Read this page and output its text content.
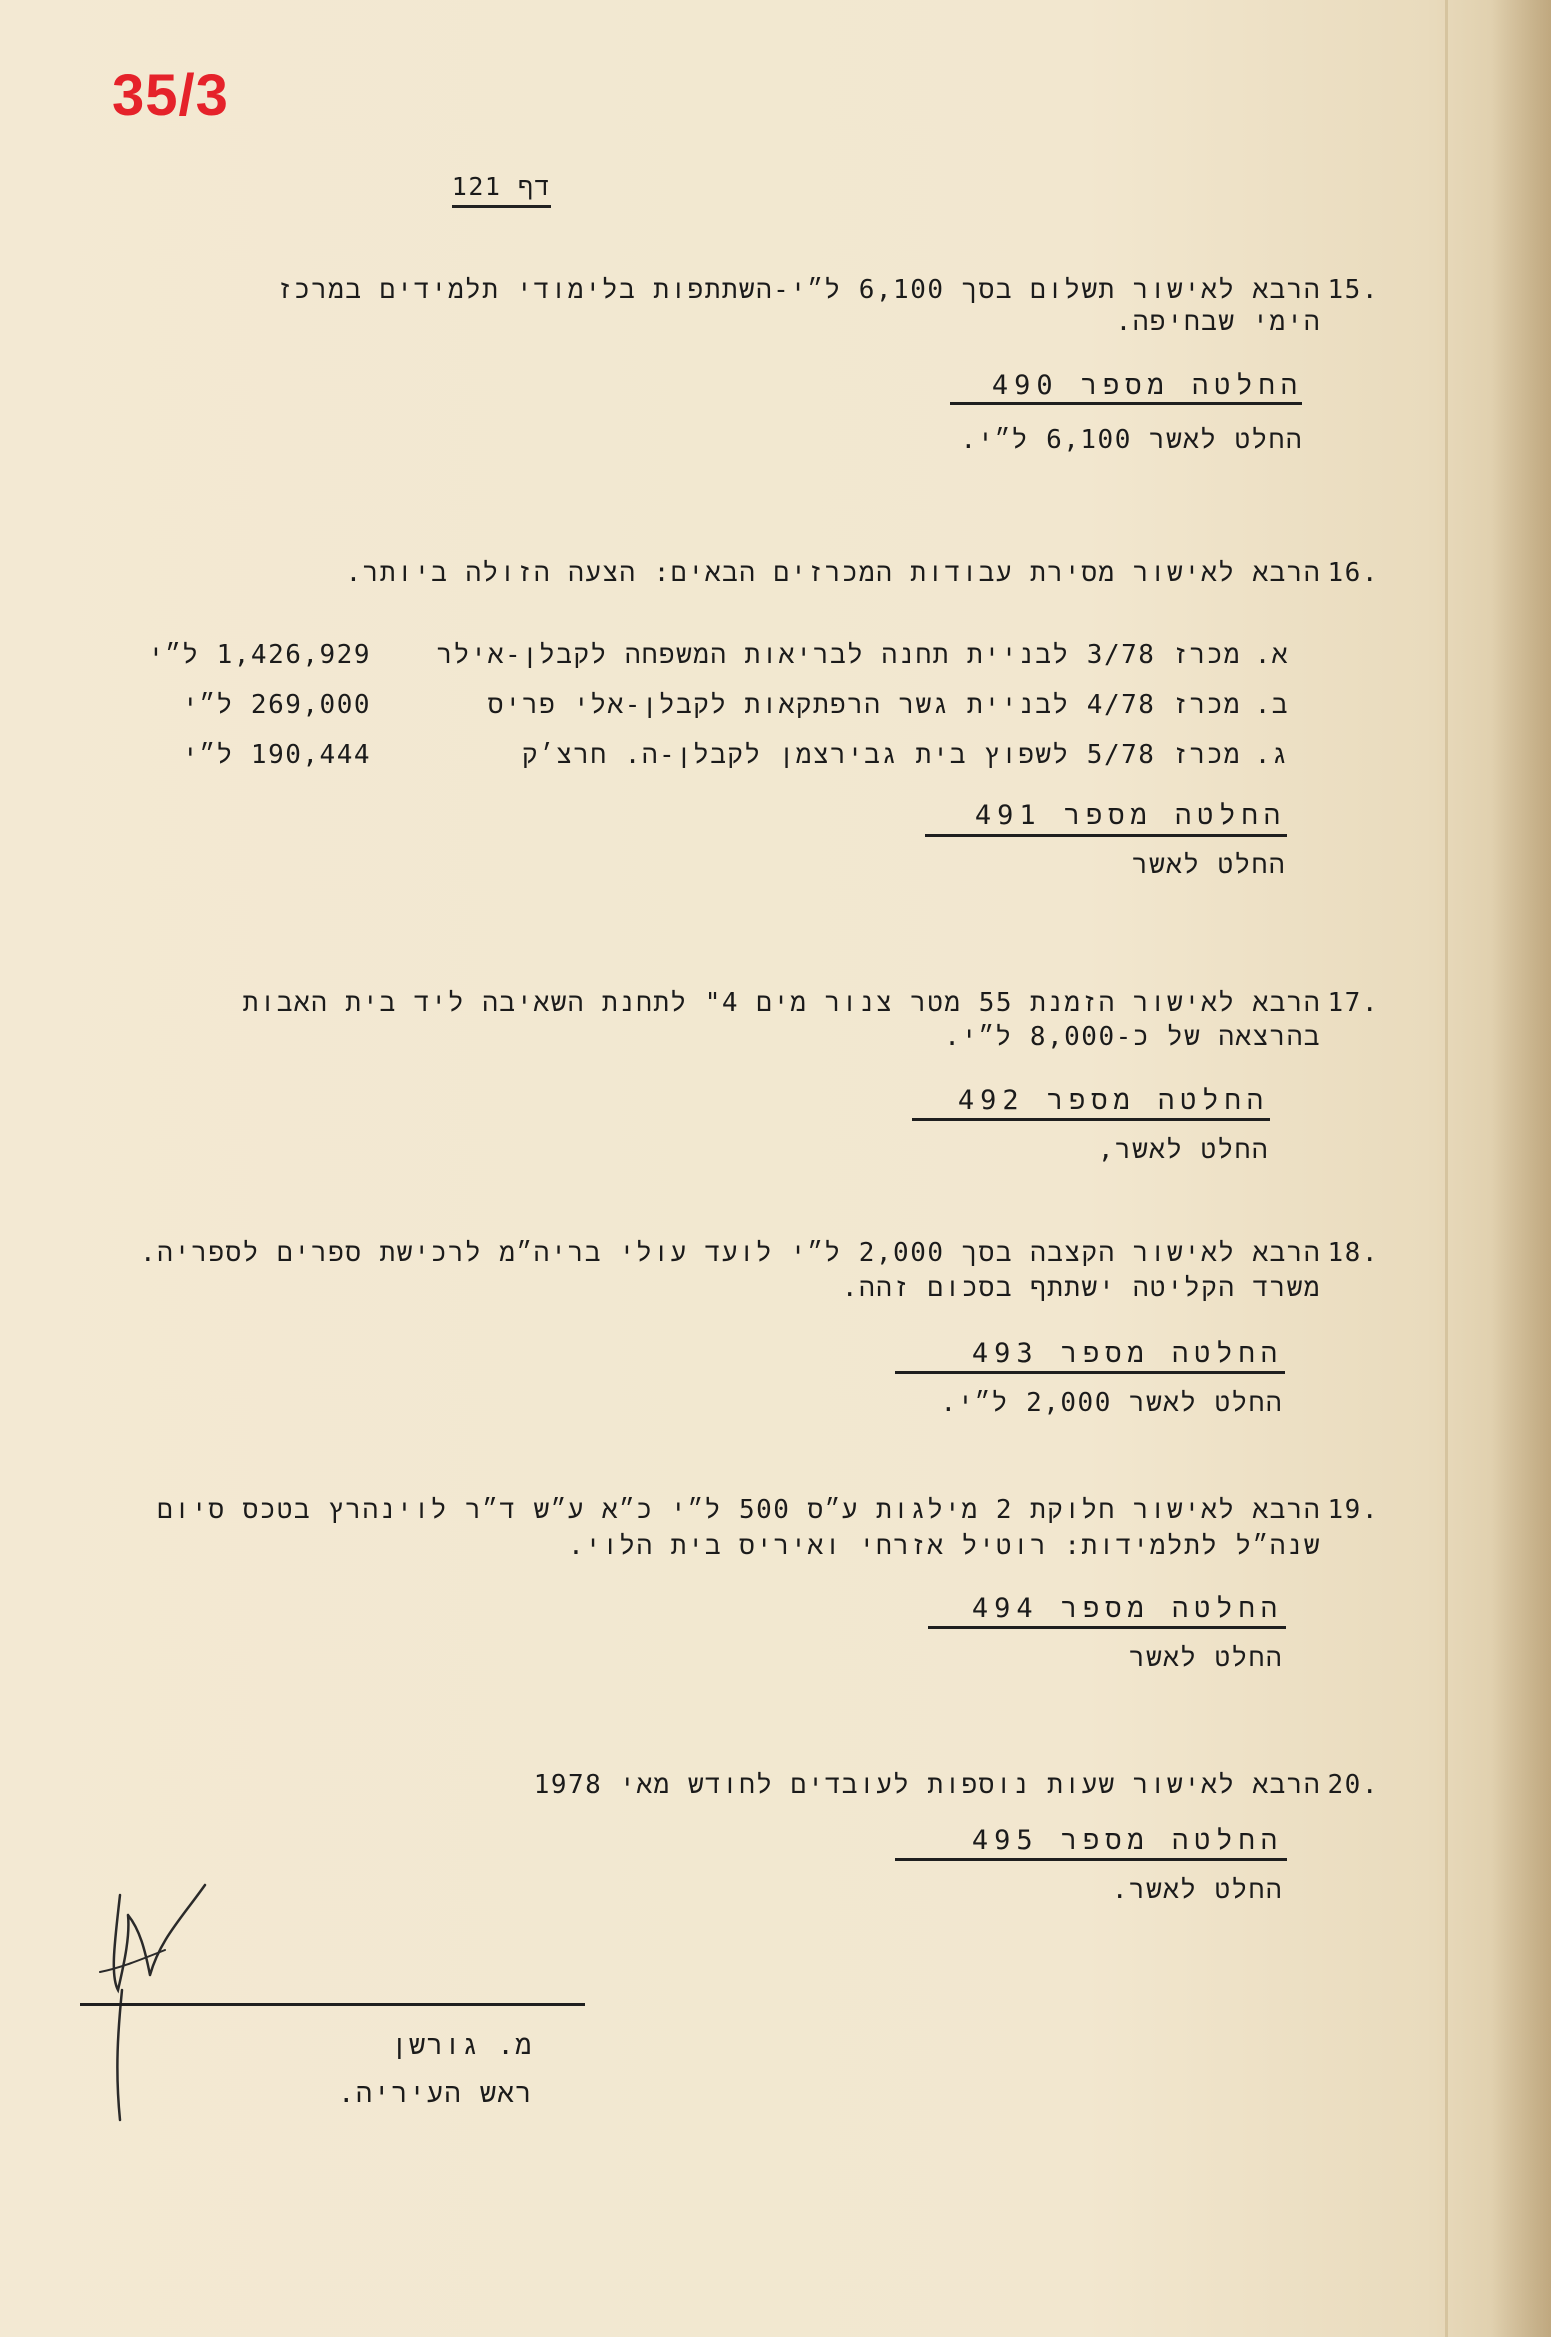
35/3
דף 121
.15
הרבא לאישור תשלום בסך 6,100 ל״י-השתתפות בלימודי תלמידים במרכז
הימי שבחיפה.
החלטה מספר 490
החלט לאשר 6,100 ל״י.
.16
הרבא לאישור מסירת עבודות המכרזים הבאים: הצעה הזולה ביותר.
א.
מכרז 3/78 לבניית תחנה לבריאות המשפחה לקבלן-אילר
1,426,929 ל״י
ב.
מכרז 4/78 לבניית גשר הרפתקאות לקבלן-אלי פריס
269,000 ל״י
ג.
מכרז 5/78 לשפוץ בית גבירצמן לקבלן-ה. חרצ׳ק
190,444 ל״י
החלטה מספר 491
החלט לאשר
.17
הרבא לאישור הזמנת 55 מטר צנור מים 4" לתחנת השאיבה ליד בית האבות
בהרצאה של כ-8,000 ל״י.
החלטה מספר 492
החלט לאשר,
.18
הרבא לאישור הקצבה בסך 2,000 ל״י לועד עולי בריה״מ לרכישת ספרים לספריה.
משרד הקליטה ישתתף בסכום זהה.
החלטה מספר 493
החלט לאשר 2,000 ל״י.
.19
הרבא לאישור חלוקת 2 מילגות ע״ס 500 ל״י כ״א ע״ש ד״ר לוינהרץ בטכס סיום
שנה״ל לתלמידות: רוטיל אזרחי ואיריס בית הלוי.
החלטה מספר 494
החלט לאשר
.20
הרבא לאישור שעות נוספות לעובדים לחודש מאי 1978
החלטה מספר 495
החלט לאשר.
מ. גורשן
ראש העיריה.
